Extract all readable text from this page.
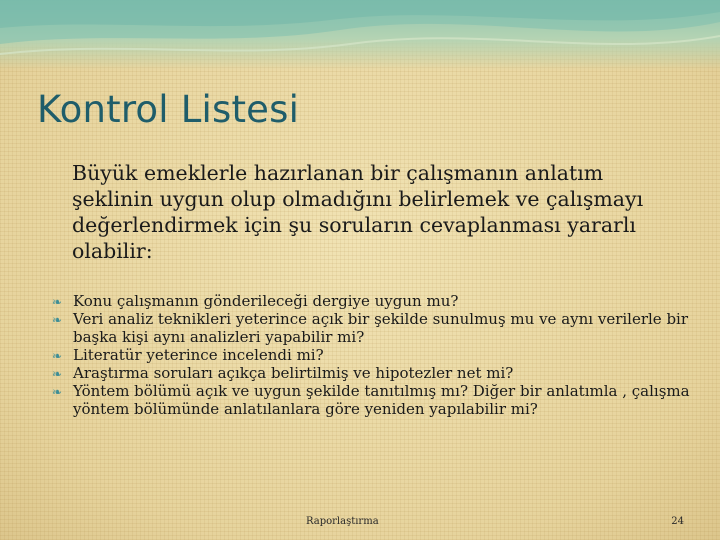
Kontrol Listesi

Büyük emeklerle hazırlanan bir çalışmanın anlatım şeklinin uygun olup olmadığını belirlemek ve çalışmayı değerlendirmek için şu soruların cevaplanması yararlı olabilir:

❧ Konu çalışmanın gönderileceği dergiye uygun mu?
❧ Veri analiz teknikleri yeterince açık bir şekilde sunulmuş mu ve aynı verilerle bir başka kişi aynı analizleri yapabilir mi?
❧ Literatür yeterince incelendi mi?
❧ Araştırma soruları açıkça belirtilmiş ve hipotezler net mi?
❧ Yöntem bölümü açık ve uygun şekilde tanıtılmış mı? Diğer bir anlatımla , çalışma yöntem bölümünde anlatılanlara göre yeniden yapılabilir mi?
Raporlaştırma	24
